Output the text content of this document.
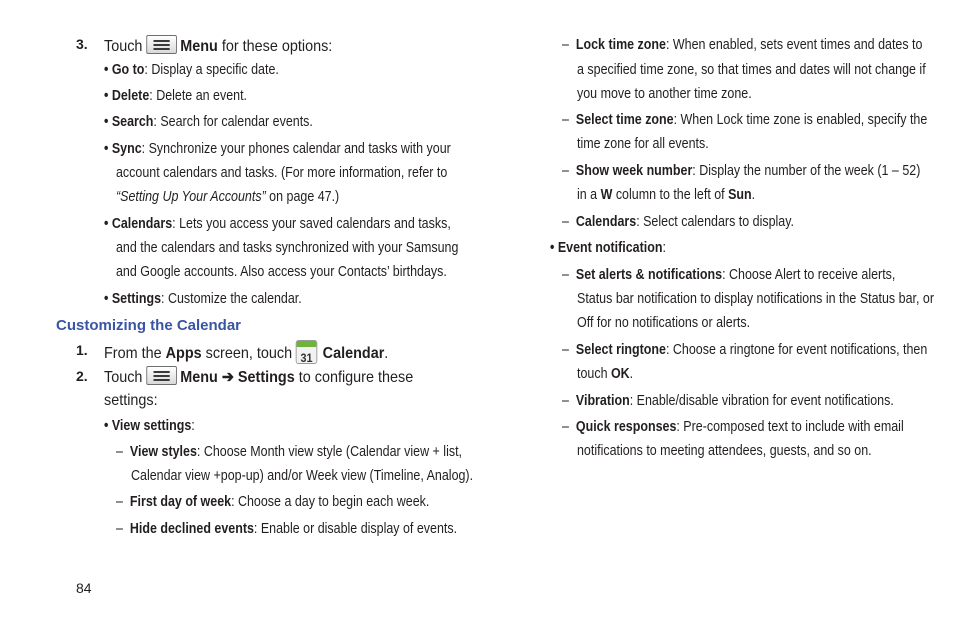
3. Touch Menu for these options:
• Go to: Display a specific date.
• Delete: Delete an event.
• Search: Search for calendar events.
• Sync: Synchronize your phones calendar and tasks with your
account calendars and tasks. (For more information, refer to
“Setting Up Your Accounts” on page 47.)
• Calendars: Lets you access your saved calendars and tasks,
and the calendars and tasks synchronized with your Samsung
and Google accounts. Also access your Contacts’ birthdays.
• Settings: Customize the calendar.
Customizing the Calendar
1. From the Apps screen, touch 31 Calendar.
2. Touch Menu ➔ Settings to configure these
settings:
• View settings:
– View styles: Choose Month view style (Calendar view + list,
Calendar view +pop-up) and/or Week view (Timeline, Analog).
– First day of week: Choose a day to begin each week.
– Hide declined events: Enable or disable display of events.
– Lock time zone: When enabled, sets event times and dates to
a specified time zone, so that times and dates will not change if
you move to another time zone.
– Select time zone: When Lock time zone is enabled, specify the
time zone for all events.
– Show week number: Display the number of the week (1 – 52)
in a W column to the left of Sun.
– Calendars: Select calendars to display.
• Event notification:
– Set alerts & notifications: Choose Alert to receive alerts,
Status bar notification to display notifications in the Status bar, or
Off for no notifications or alerts.
– Select ringtone: Choose a ringtone for event notifications, then
touch OK.
– Vibration: Enable/disable vibration for event notifications.
– Quick responses: Pre-composed text to include with email
notifications to meeting attendees, guests, and so on.
84
